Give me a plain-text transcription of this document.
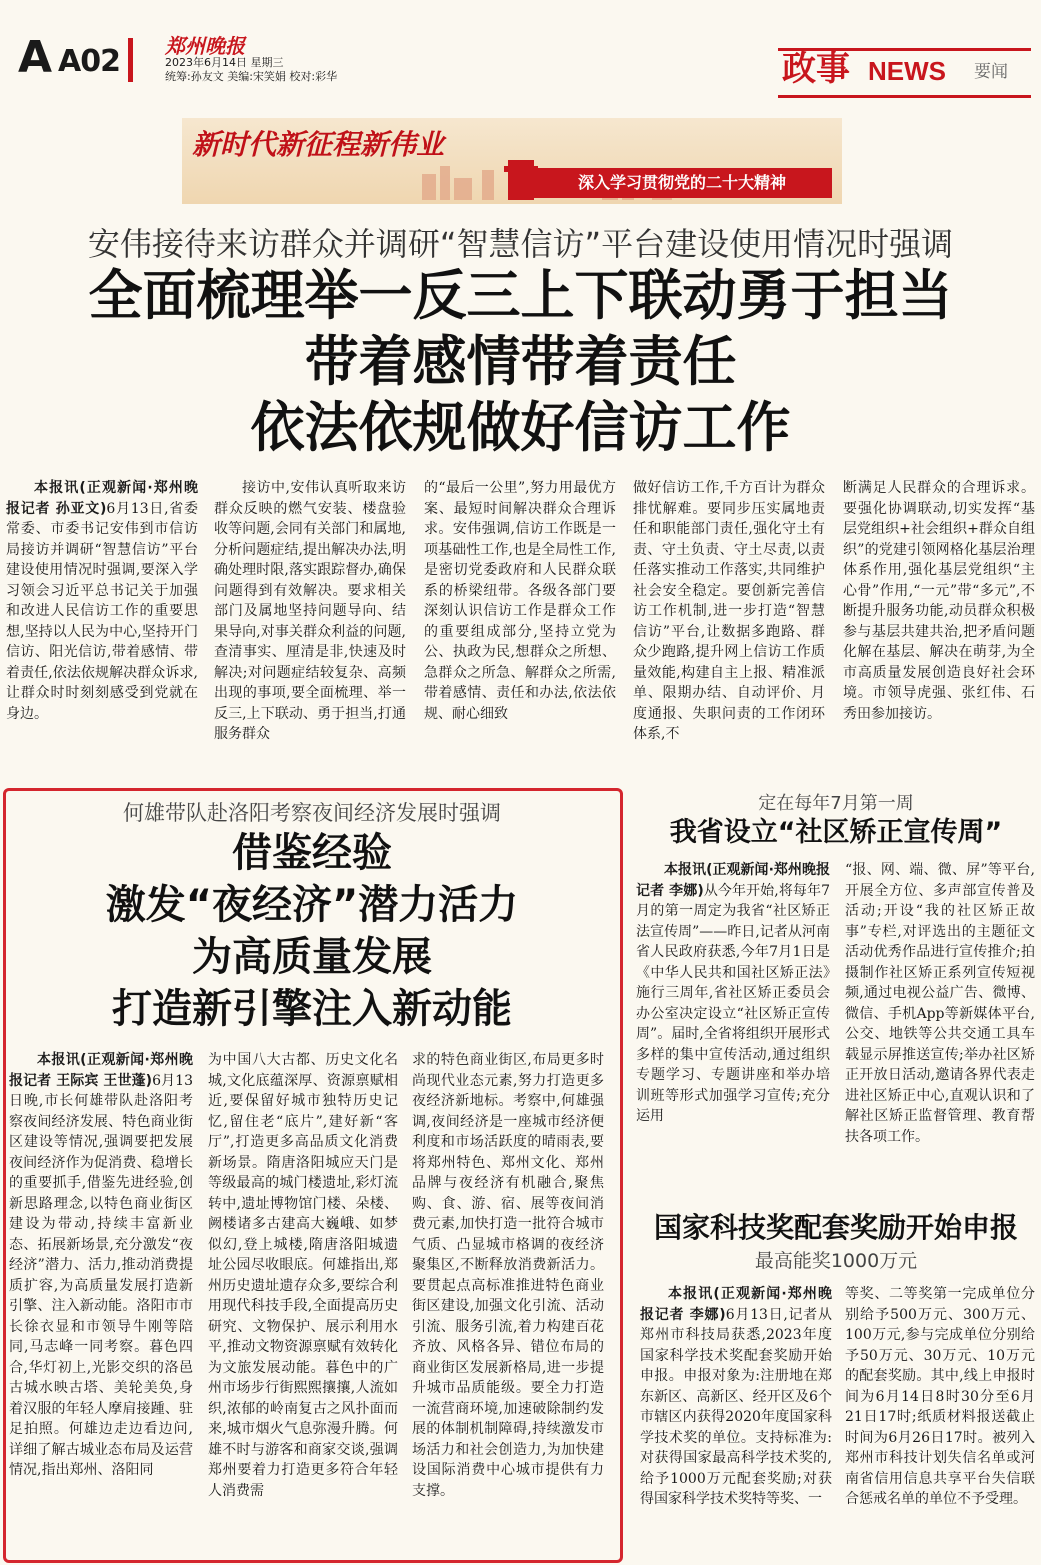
A A02 郑州晚报
2023年6月14日 星期三
统筹:孙友文 美编:宋笑娟 校对:彩华	政事 NEWS 要闻
新时代新征程新伟业
深入学习贯彻党的二十大精神
安伟接待来访群众并调研“智慧信访”平台建设使用情况时强调
全面梳理举一反三上下联动勇于担当
带着感情带着责任
依法依规做好信访工作

本报讯(正观新闻·郑州晚报记者 孙亚文)6月13日,省委常委、市委书记安伟到市信访局接访并调研“智慧信访”平台建设使用情况时强调,要深入学习领会习近平总书记关于加强和改进人民信访工作的重要思想,坚持以人民为中心,坚持开门信访、阳光信访,带着感情、带着责任,依法依规解决群众诉求,让群众时时刻刻感受到党就在身边。

接访中,安伟认真听取来访群众反映的燃气安装、楼盘验收等问题,会同有关部门和属地,分析问题症结,提出解决办法,明确处理时限,落实跟踪督办,确保问题得到有效解决。要求相关部门及属地坚持问题导向、结果导向,对事关群众利益的问题,查清事实、厘清是非,快速及时解决;对问题症结较复杂、高频出现的事项,要全面梳理、举一反三,上下联动、勇于担当,打通服务群众

的“最后一公里”,努力用最优方案、最短时间解决群众合理诉求。安伟强调,信访工作既是一项基础性工作,也是全局性工作,是密切党委政府和人民群众联系的桥梁纽带。各级各部门要深刻认识信访工作是群众工作的重要组成部分,坚持立党为公、执政为民,想群众之所想、急群众之所急、解群众之所需,带着感情、责任和办法,依法依规、耐心细致

做好信访工作,千方百计为群众排忧解难。要同步压实属地责任和职能部门责任,强化守土有责、守土负责、守土尽责,以责任落实推动工作落实,共同维护社会安全稳定。要创新完善信访工作机制,进一步打造“智慧信访”平台,让数据多跑路、群众少跑路,提升网上信访工作质量效能,构建自主上报、精准派单、限期办结、自动评价、月度通报、失职问责的工作闭环体系,不

断满足人民群众的合理诉求。要强化协调联动,切实发挥“基层党组织+社会组织+群众自组织”的党建引领网格化基层治理体系作用,强化基层党组织“主心骨”作用,“一元”带“多元”,不断提升服务功能,动员群众积极参与基层共建共治,把矛盾问题化解在基层、解决在萌芽,为全市高质量发展创造良好社会环境。市领导虎强、张红伟、石秀田参加接访。

何雄带队赴洛阳考察夜间经济发展时强调
借鉴经验
激发“夜经济”潜力活力
为高质量发展
打造新引擎注入新动能

本报讯(正观新闻·郑州晚报记者 王际宾 王世蓬)6月13日晚,市长何雄带队赴洛阳考察夜间经济发展、特色商业街区建设等情况,强调要把发展夜间经济作为促消费、稳增长的重要抓手,借鉴先进经验,创新思路理念,以特色商业街区建设为带动,持续丰富新业态、拓展新场景,充分激发“夜经济”潜力、活力,推动消费提质扩容,为高质量发展打造新引擎、注入新动能。洛阳市市长徐衣显和市领导牛刚等陪同,马志峰一同考察。暮色四合,华灯初上,光影交织的洛邑古城水映古塔、美轮美奂,身着汉服的年轻人摩肩接踵、驻足拍照。何雄边走边看边问,详细了解古城业态布局及运营情况,指出郑州、洛阳同

为中国八大古都、历史文化名城,文化底蕴深厚、资源禀赋相近,要保留好城市独特历史记忆,留住老“底片”,建好新“客厅”,打造更多高品质文化消费新场景。隋唐洛阳城应天门是等级最高的城门楼遗址,彩灯流转中,遗址博物馆门楼、朵楼、阙楼诸多古建高大巍峨、如梦似幻,登上城楼,隋唐洛阳城遗址公园尽收眼底。何雄指出,郑州历史遗址遗存众多,要综合利用现代科技手段,全面提高历史研究、文物保护、展示利用水平,推动文物资源禀赋有效转化为文旅发展动能。暮色中的广州市场步行街熙熙攘攘,人流如织,浓郁的岭南复古之风扑面而来,城市烟火气息弥漫升腾。何雄不时与游客和商家交谈,强调郑州要着力打造更多符合年轻人消费需

求的特色商业街区,布局更多时尚现代业态元素,努力打造更多夜经济新地标。考察中,何雄强调,夜间经济是一座城市经济便利度和市场活跃度的晴雨表,要将郑州特色、郑州文化、郑州品牌与夜经济有机融合,聚焦购、食、游、宿、展等夜间消费元素,加快打造一批符合城市气质、凸显城市格调的夜经济聚集区,不断释放消费新活力。要贯起点高标准推进特色商业街区建设,加强文化引流、活动引流、服务引流,着力构建百花齐放、风格各异、错位布局的商业街区发展新格局,进一步提升城市品质能级。要全力打造一流营商环境,加速破除制约发展的体制机制障碍,持续激发市场活力和社会创造力,为加快建设国际消费中心城市提供有力支撑。

定在每年7月第一周
我省设立“社区矫正宣传周”

本报讯(正观新闻·郑州晚报记者 李娜)从今年开始,将每年7月的第一周定为我省“社区矫正法宣传周”——昨日,记者从河南省人民政府获悉,今年7月1日是《中华人民共和国社区矫正法》施行三周年,省社区矫正委员会办公室决定设立“社区矫正宣传周”。届时,全省将组织开展形式多样的集中宣传活动,通过组织专题学习、专题讲座和举办培训班等形式加强学习宣传;充分运用

“报、网、端、微、屏”等平台,开展全方位、多声部宣传普及活动;开设“我的社区矫正故事”专栏,对评选出的主题征文活动优秀作品进行宣传推介;拍摄制作社区矫正系列宣传短视频,通过电视公益广告、微博、微信、手机App等新媒体平台,公交、地铁等公共交通工具车载显示屏推送宣传;举办社区矫正开放日活动,邀请各界代表走进社区矫正中心,直观认识和了解社区矫正监督管理、教育帮扶各项工作。

国家科技奖配套奖励开始申报
最高能奖1000万元

本报讯(正观新闻·郑州晚报记者 李娜)6月13日,记者从郑州市科技局获悉,2023年度国家科学技术奖配套奖励开始申报。申报对象为:注册地在郑东新区、高新区、经开区及6个市辖区内获得2020年度国家科学技术奖的单位。支持标准为:对获得国家最高科学技术奖的,给予1000万元配套奖励;对获得国家科学技术奖特等奖、一

等奖、二等奖第一完成单位分别给予500万元、300万元、100万元,参与完成单位分别给予50万元、30万元、10万元的配套奖励。其中,线上申报时间为6月14日8时30分至6月21日17时;纸质材料报送截止时间为6月26日17时。被列入郑州市科技计划失信名单或河南省信用信息共享平台失信联合惩戒名单的单位不予受理。
